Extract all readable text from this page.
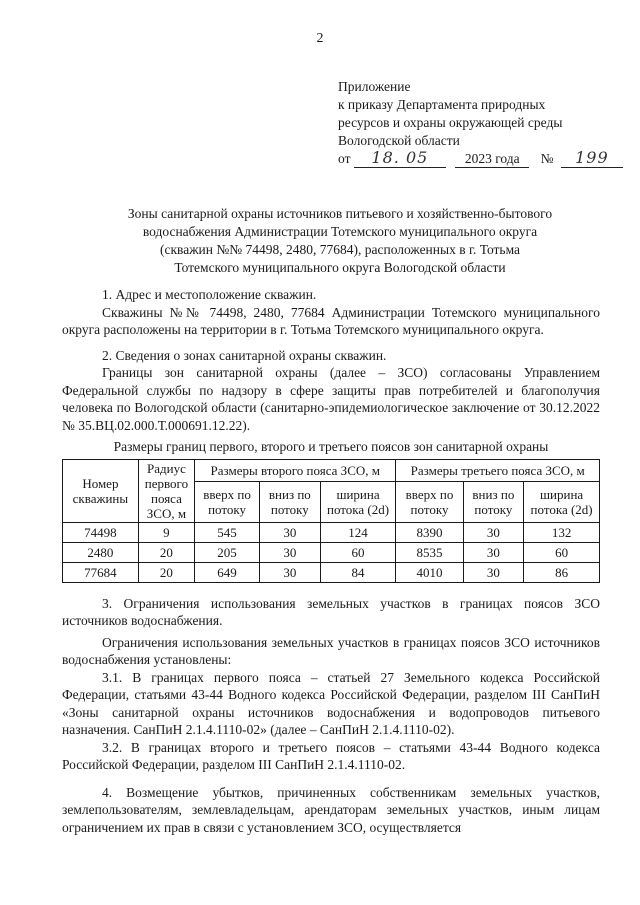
2
Приложение
к приказу Департамента природных
ресурсов и охраны окружающей среды
Вологодской области
от 18. 05	2023 года № 199
Зоны санитарной охраны источников питьевого и хозяйственно-бытового
водоснабжения Администрации Тотемского муниципального округа
(скважин №№ 74498, 2480, 77684), расположенных в г. Тотьма
Тотемского муниципального округа Вологодской области

1. Адрес и местоположение скважин.

Скважины №№ 74498, 2480, 77684 Администрации Тотемского муниципального округа расположены на территории в г. Тотьма Тотемского муниципального округа.

2. Сведения о зонах санитарной охраны скважин.

Границы зон санитарной охраны (далее – ЗСО) согласованы Управлением Федеральной службы по надзору в сфере защиты прав потребителей и благополучия человека по Вологодской области (санитарно-эпидемиологическое заключение от 30.12.2022 № 35.ВЦ.02.000.Т.000691.12.22).

Размеры границ первого, второго и третьего поясов зон санитарной охраны
Номер скважины	Радиус первого пояса ЗСО, м	Размеры второго пояса ЗСО, м			Размеры третьего пояса ЗСО, м		
		вверх по потоку	вниз по потоку	ширина потока (2d)	вверх по потоку	вниз по потоку	ширина потока (2d)
74498	9	545	30	124	8390	30	132
2480	20	205	30	60	8535	30	60
77684	20	649	30	84	4010	30	86

3. Ограничения использования земельных участков в границах поясов ЗСО источников водоснабжения.

Ограничения использования земельных участков в границах поясов ЗСО источников водоснабжения установлены:

3.1. В границах первого пояса – статьей 27 Земельного кодекса Российской Федерации, статьями 43-44 Водного кодекса Российской Федерации, разделом III СанПиН «Зоны санитарной охраны источников водоснабжения и водопроводов питьевого назначения. СанПиН 2.1.4.1110-02» (далее – СанПиН 2.1.4.1110-02).

3.2. В границах второго и третьего поясов – статьями 43-44 Водного кодекса Российской Федерации, разделом III СанПиН 2.1.4.1110-02.

4. Возмещение убытков, причиненных собственникам земельных участков, землепользователям, землевладельцам, арендаторам земельных участков, иным лицам ограничением их прав в связи с установлением ЗСО, осуществляется
